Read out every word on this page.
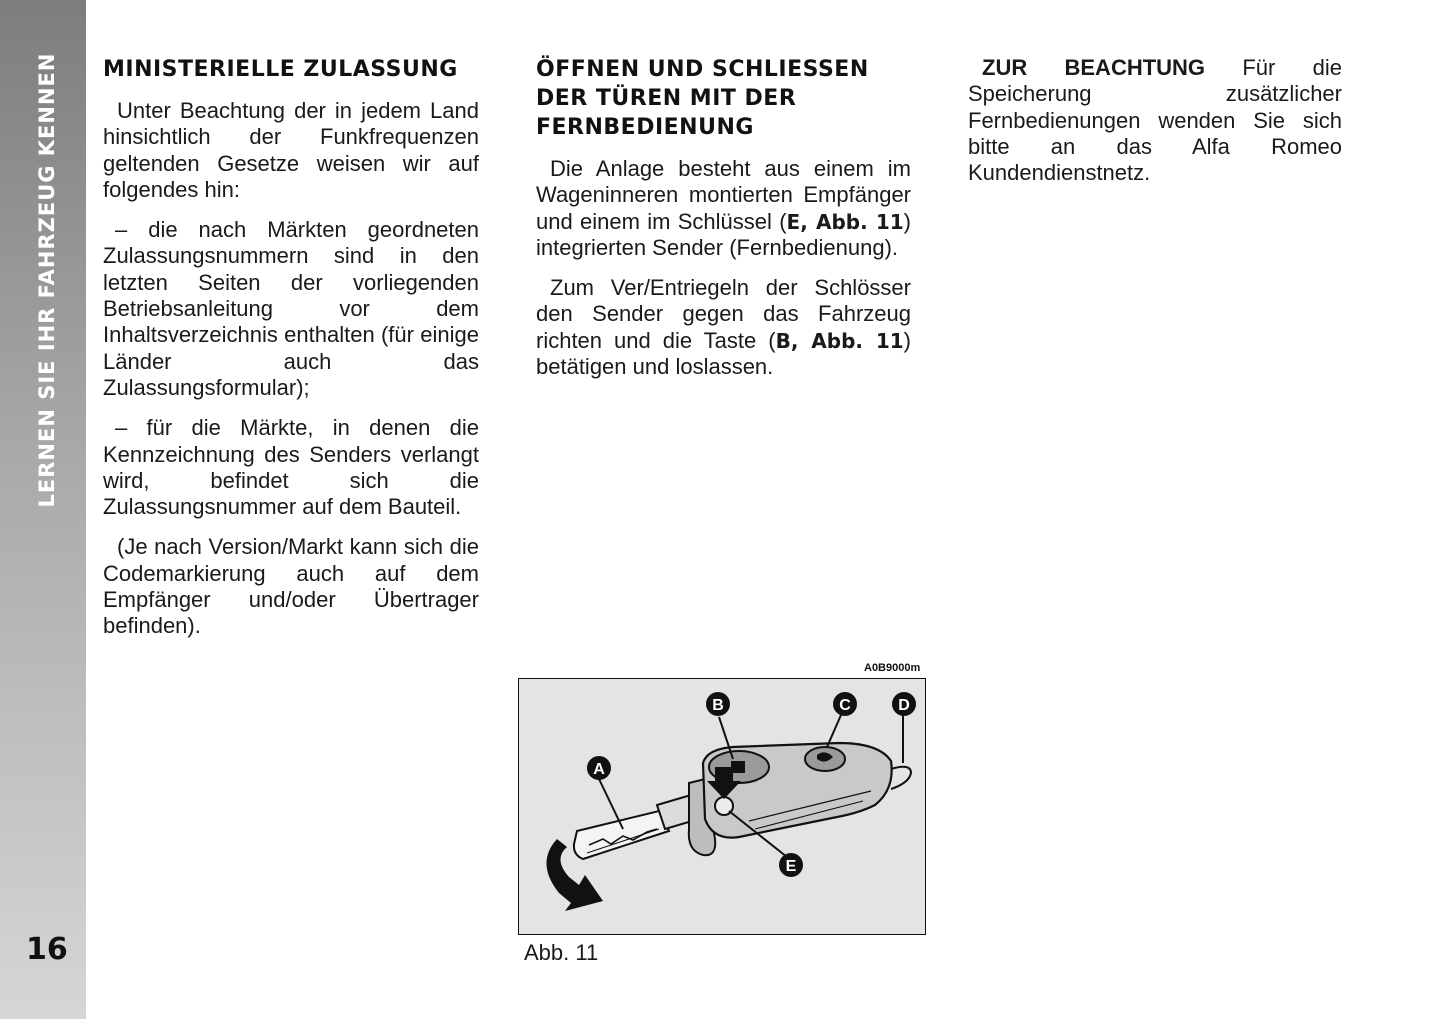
LERNEN SIE IHR FAHRZEUG KENNEN
16
MINISTERIELLE ZULASSUNG

Unter Beachtung der in jedem Land hinsichtlich der Funkfrequenzen geltenden Gesetze weisen wir auf folgendes hin:

– die nach Märkten geordneten Zulassungsnummern sind in den letzten Seiten der vorliegenden Betriebsanleitung vor dem Inhaltsverzeichnis enthalten (für einige Länder auch das Zulassungsformular);

– für die Märkte, in denen die Kennzeichnung des Senders verlangt wird, befindet sich die Zulassungsnummer auf dem Bauteil.

(Je nach Version/Markt kann sich die Codemarkierung auch auf dem Empfänger und/oder Übertrager befinden).

ÖFFNEN UND SCHLIESSEN
DER TÜREN MIT DER
FERNBEDIENUNG

Die Anlage besteht aus einem im Wageninneren montierten Empfänger und einem im Schlüssel (E, Abb. 11) integrierten Sender (Fernbedienung).

Zum Ver/Entriegeln der Schlösser den Sender gegen das Fahrzeug richten und die Taste (B, Abb. 11) betätigen und loslassen.

ZUR BEACHTUNG Für die Speicherung zusätzlicher Fernbedienungen wenden Sie sich bitte an das Alfa Romeo Kundendienstnetz.

A0B9000m
A
B	C	D
E
Abb. 11
